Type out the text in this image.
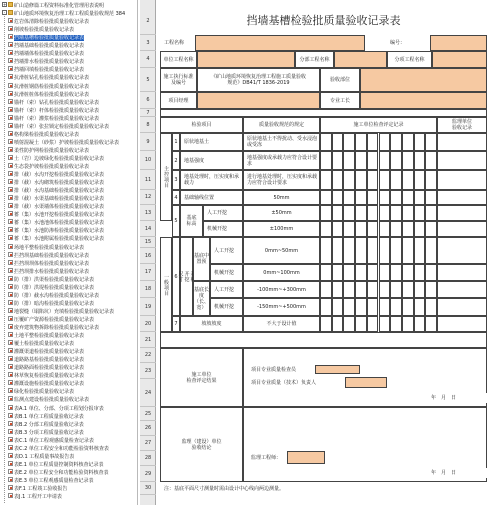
+ 矿山造修篇工程资料标准化管理用表说明
- 矿山地质环境恢复治理工程工程质量验收规范 384
危岩体清除检验批质量验收记录表
削坡检验批质量验收记录表
挡墙基槽检验批质量验收记录表
挡墙基础检验批质量验收记录表
挡墙墙体检验批质量验收记录表
挡墙排水检验批质量验收记录表
挡墙回填检验批质量验收记录表
抗滑桩钻孔检验批质量验收记录表
抗滑桩钢筋检验批质量验收记录表
抗滑桩桩体检验批质量验收记录表
锚杆（索）钻孔检验批质量验收记录表
锚杆（索）杆体检验批质量验收记录表
锚杆（索）灌浆检验批质量验收记录表
锚杆（索）张拉锁定检验批质量验收记录表
格构梁检验批质量验收记录表
喷射混凝土（砂浆）护坡检验批质量验收记录表
柔性防护网检验批质量验收记录表
土（岩）边坡绿化检验批质量验收记录表
生态袋护坡检验批质量验收记录表
排（截）水沟开挖检验批质量验收记录表
排（截）水沟砌筑检验批质量验收记录表
排（截）水沟基础检验批质量验收记录表
排（截）水渠基础检验批质量验收记录表
排（截）水渠墙体检验批质量验收记录表
蓄（集）水池开挖检验批质量验收记录表
蓄（集）水池池体检验批质量验收记录表
蓄（集）水池防渗检验批质量验收记录表
蓄（集）水池附属检验批质量验收记录表
场地平整检验批质量验收记录表
拦挡坝基础检验批质量验收记录表
拦挡坝坝体检验批质量验收记录表
拦挡坝排水检验批质量验收记录表
防（排）洪渠检验批质量验收记录表
防（排）洪堤检验批质量验收记录表
防（排）截水沟检验批质量验收记录表
防（排）暗沟检验批质量验收记录表
地裂缝（塌陷坑）充填检验批质量验收记录表
压覆矿产资源检验批质量验收记录表
废弃建筑物拆除检验批质量验收记录表
土地平整检验批质量验收记录表
覆土检验批质量验收记录表
灌溉渠道检验批质量验收记录表
道路路基检验批质量验收记录表
道路路面检验批质量验收记录表
林草恢复检验批质量验收记录表
灌溉设施检验批质量验收记录表
绿化检验批质量验收记录表
监测点建设检验批质量验收记录表
表A.1 单位、分部、分项工程划分报审表
表B.1 单位工程质量验收记录表
表B.2 分部工程质量验收记录表
表B.3 分项工程质量验收记录表
表C.1 单位工程观感质量检查记录表
表C.2 单位工程安全和功能检验资料核查表
表D.1 工程质量事故报告表
表E.1 单位工程质量控制资料核查记录表
表E.2 单位工程安全和功能检验资料核查表
表E.3 单位工程观感质量检查记录表
表F.1 工程竣工验收报告
表J.1 工程开工申请表
2
3
4
5
6
7
8
9
10
11
12
13
14
15
16
17
18
19
20
21
22
23
24
25
26
27
28
29
30
挡墙基槽检验批质量验收记录表
工程名称	编号：
单位工程名称	分部工程名称	分项工程名称
施工执行标准
及编号
《矿山地质环境恢复治理工程施工质量验收
规范》DB41/T 1836-2019	验收部位
项目经理	专业工长
检验项目	质量验收规范的规定	施工单位检查评定记录	监理单位
验收记录
主控项目
1 原状地基土	原状地基土不得扰动、受水浸泡或受冻
2 地基强度	地基强度或承载力应符合设计要求
3 地基处理时，压实度和承载力
进行地基处理时，压实度和承载力应符合设计要求
4 基础轴线位置	50mm
5 基底
标高
人工开挖	±50mm
机械开挖	±100mm
一般项目 6	
开挖
尺寸
基底中
置预
人工开挖	0mm~50mm
机械开挖	0mm~100mm
基底长
度（长、
宽）
人工开挖	-100mm~+300mm
机械开挖	-150mm~+500mm
7	坡坡坡度	不大于设计值
施工单位
检查评定结果
项目专业质量检查员
项目专业质量（技术）负责人
年　月　日
监理（建设）单位
验收结论
监理工程师：
年　月　日
注：基底平面尺寸测量时需由设计中心线向两边测量。
